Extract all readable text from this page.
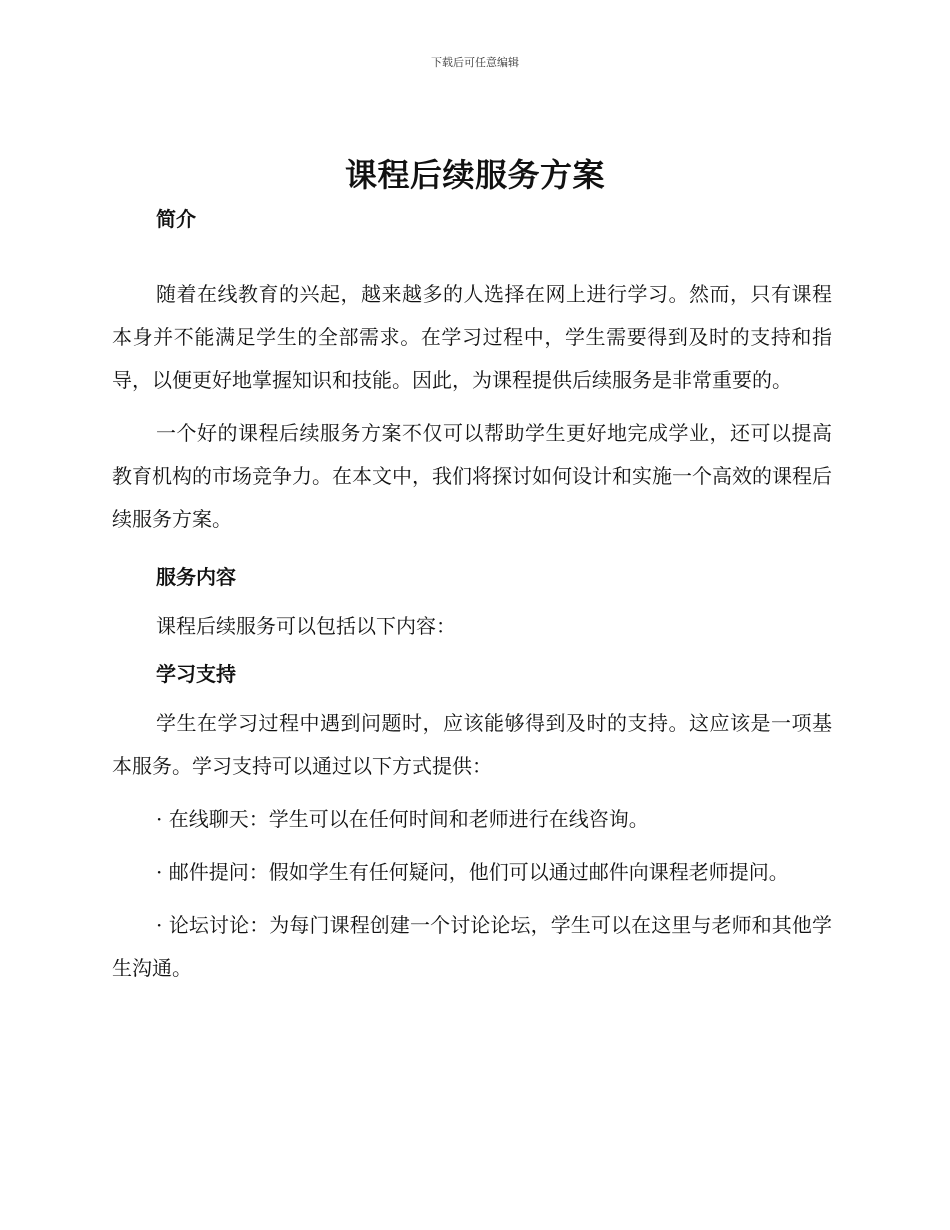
下载后可任意编辑
课程后续服务方案
简介

随着在线教育的兴起，越来越多的人选择在网上进行学习。然而，只有课程本身并不能满足学生的全部需求。在学习过程中，学生需要得到及时的支持和指导，以便更好地掌握知识和技能。因此，为课程提供后续服务是非常重要的。

一个好的课程后续服务方案不仅可以帮助学生更好地完成学业，还可以提高教育机构的市场竞争力。在本文中，我们将探讨如何设计和实施一个高效的课程后续服务方案。

服务内容

课程后续服务可以包括以下内容：

学习支持

学生在学习过程中遇到问题时，应该能够得到及时的支持。这应该是一项基本服务。学习支持可以通过以下方式提供：

· 在线聊天：学生可以在任何时间和老师进行在线咨询。

· 邮件提问：假如学生有任何疑问，他们可以通过邮件向课程老师提问。

· 论坛讨论：为每门课程创建一个讨论论坛，学生可以在这里与老师和其他学生沟通。
